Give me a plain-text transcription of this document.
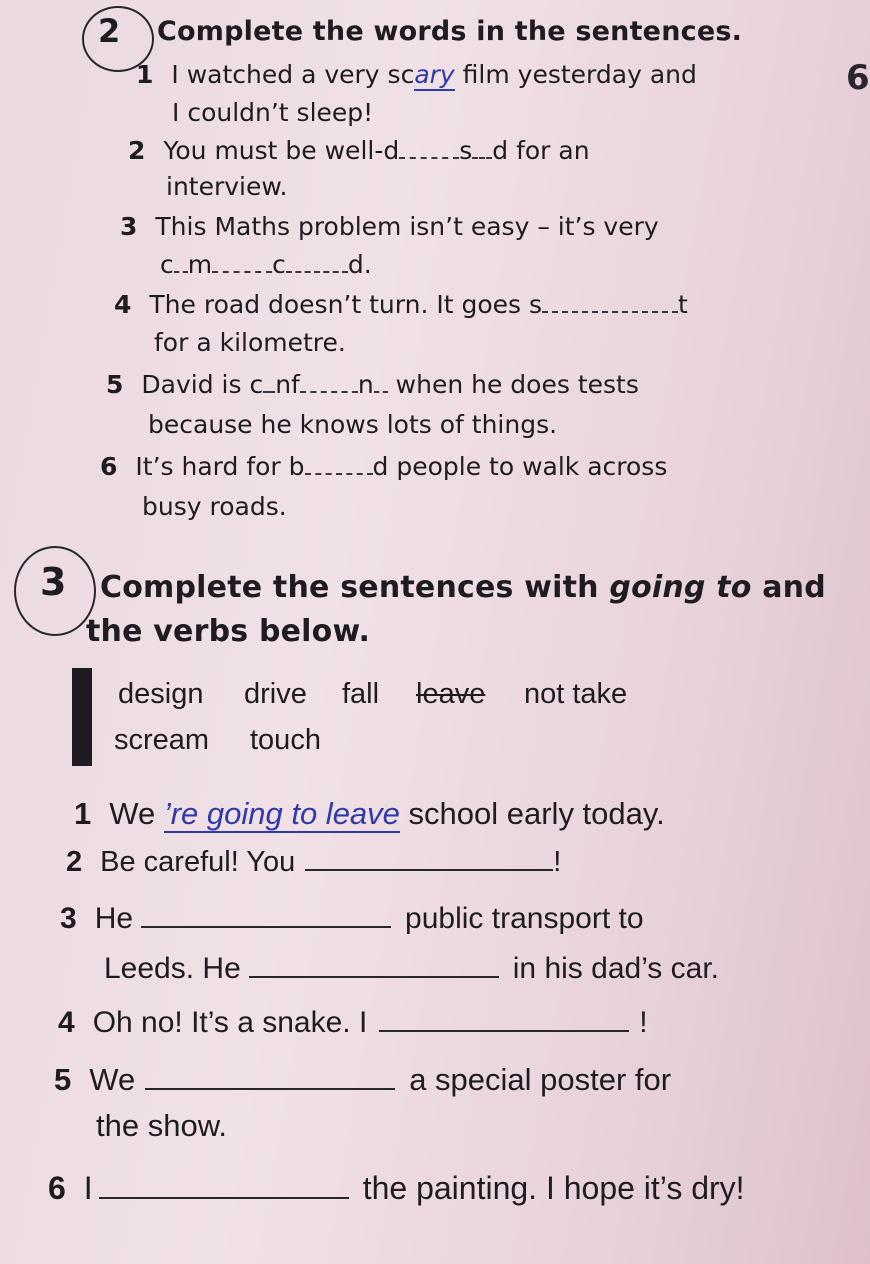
2 Complete the words in the sentences.
6
1 I watched a very scary film yesterday and
I couldn’t sleep!
2 You must be well-d s d for an
interview.
3 This Maths problem isn’t easy – it’s very
c m c d.
4 The road doesn’t turn. It goes s	t
for a kilometre.
5 David is c nf n when he does tests
because he knows lots of things.
6 It’s hard for b	d people to walk across
busy roads.
3 Complete the sentences with going to and
the verbs below.
design drive fall leave not take
scream touch
1 We ’re going to leave school early today.
2 Be careful! You	!
3 He	public transport to
Leeds. He	in his dad’s car.
4 Oh no! It’s a snake. I	!
5 We	a special poster for
the show.
6 I	the painting. I hope it’s dry!
